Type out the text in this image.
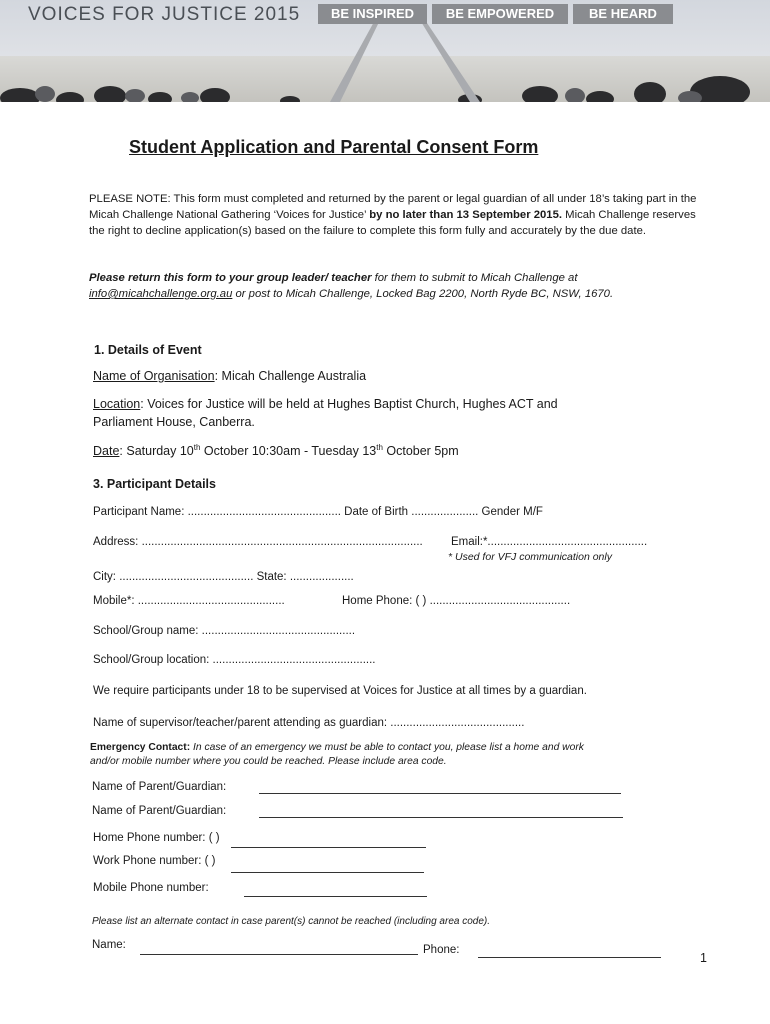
VOICES FOR JUSTICE 2015	BE INSPIRED	BE EMPOWERED	BE HEARD
Student Application and Parental Consent Form
PLEASE NOTE: This form must completed and returned by the parent or legal guardian of all under 18’s taking part in the Micah Challenge National Gathering ‘Voices for Justice’ by no later than 13 September 2015. Micah Challenge reserves the right to decline application(s) based on the failure to complete this form fully and accurately by the due date.
Please return this form to your group leader/ teacher for them to submit to Micah Challenge at info@micahchallenge.org.au or post to Micah Challenge, Locked Bag 2200, North Ryde BC, NSW, 1670.
1. Details of Event
Name of Organisation: Micah Challenge Australia
Location: Voices for Justice will be held at Hughes Baptist Church, Hughes ACT and
Parliament House, Canberra.
Date: Saturday 10th October 10:30am - Tuesday 13th October 5pm
3. Participant Details
Participant Name: ................................................ Date of Birth ..................... Gender M/F
Address: ........................................................................................ Email:*..................................................
* Used for VFJ communication only
City: .......................................... State: ....................
Mobile*: ..............................................	Home Phone: ( ) ............................................
School/Group name: ................................................
School/Group location: ...................................................
We require participants under 18 to be supervised at Voices for Justice at all times by a guardian.
Name of supervisor/teacher/parent attending as guardian: ..........................................
Emergency Contact: In case of an emergency we must be able to contact you, please list a home and work
and/or mobile number where you could be reached. Please include area code.
Name of Parent/Guardian:
Name of Parent/Guardian:
Home Phone number: ( )
Work Phone number: ( )
Mobile Phone number:
Please list an alternate contact in case parent(s) cannot be reached (including area code).
Name:	Phone:
1
